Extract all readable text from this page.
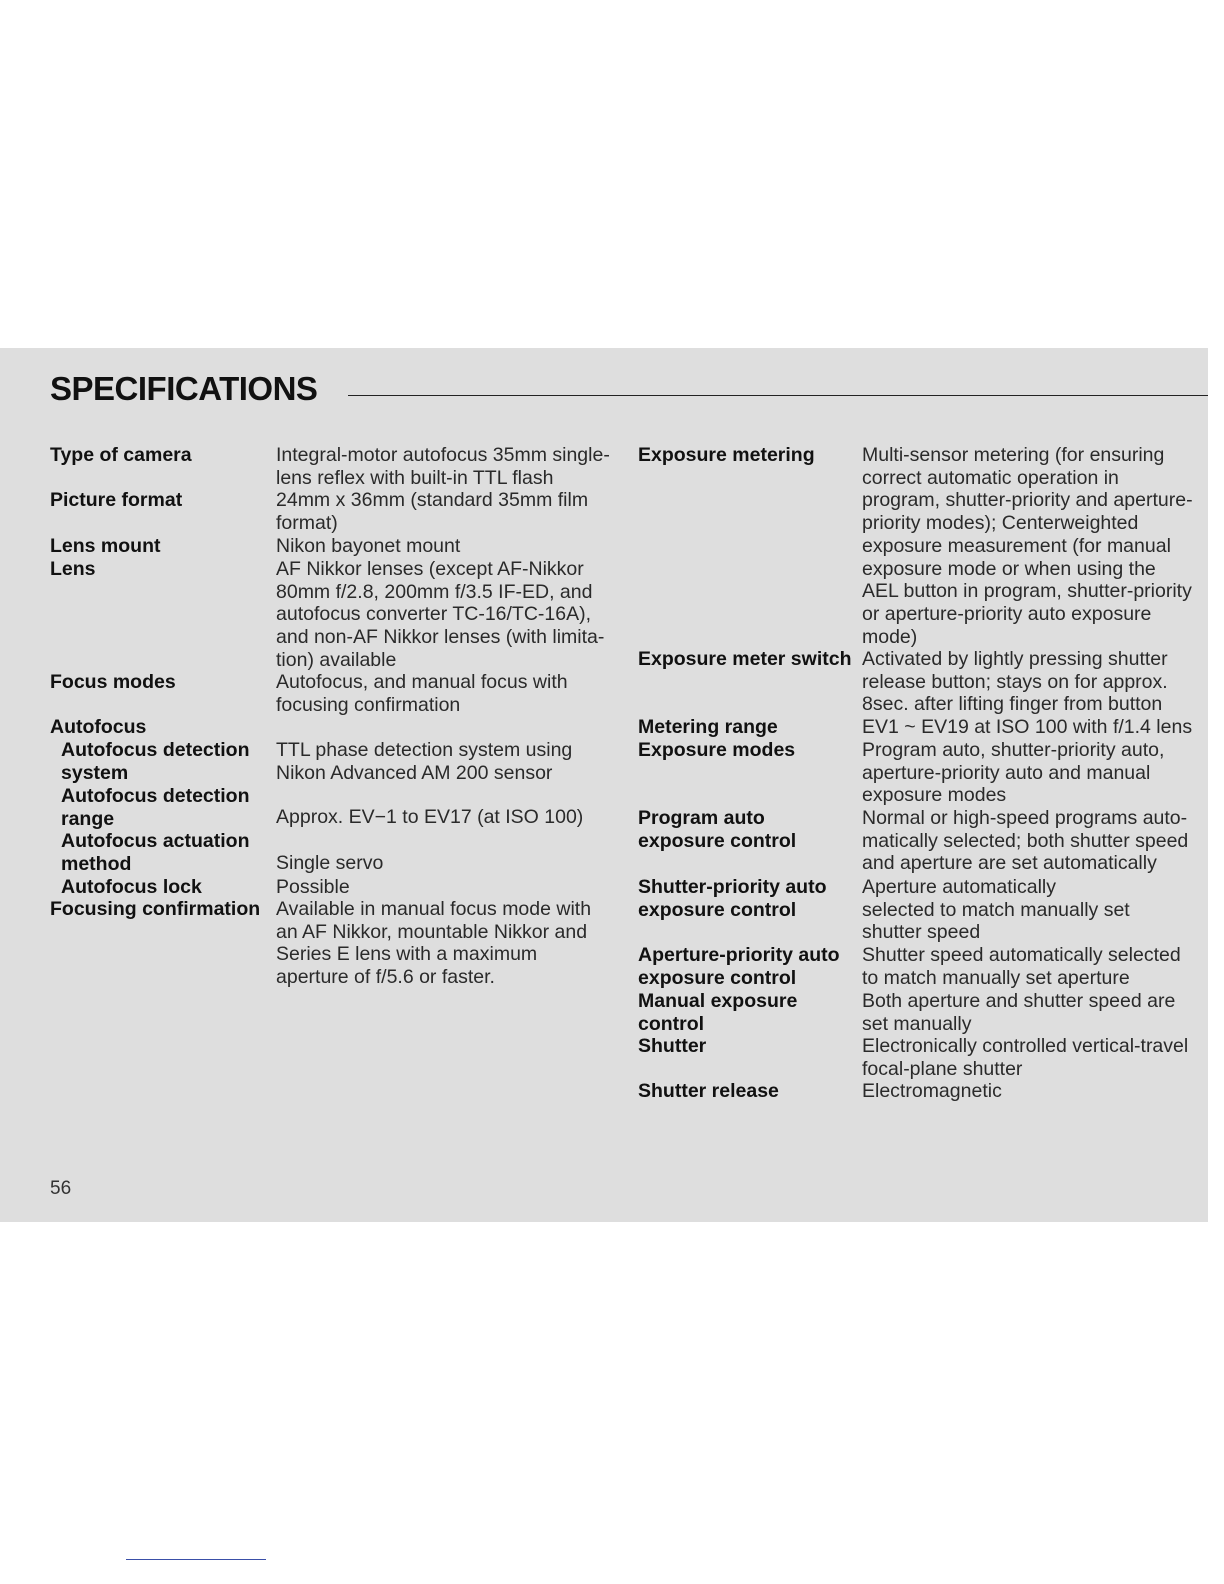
SPECIFICATIONS
Type of camera
Picture format
Lens mount
Lens
Focus modes
Autofocus
Autofocus detection
system
Autofocus detection
range
Autofocus actuation
method
Autofocus lock
Focusing confirmation
Integral-motor autofocus 35mm single-
lens reflex with built-in TTL flash
24mm x 36mm (standard 35mm film
format)
Nikon bayonet mount
AF Nikkor lenses (except AF-Nikkor
80mm f/2.8, 200mm f/3.5 IF-ED, and
autofocus converter TC-16/TC-16A),
and non-AF Nikkor lenses (with limita-
tion) available
Autofocus, and manual focus with
focusing confirmation
TTL phase detection system using
Nikon Advanced AM 200 sensor
Approx. EV−1 to EV17 (at ISO 100)
Single servo
Possible
Available in manual focus mode with
an AF Nikkor, mountable Nikkor and
Series E lens with a maximum
aperture of f/5.6 or faster.
Exposure metering
Exposure meter switch
Metering range
Exposure modes
Program auto
exposure control
Shutter-priority auto
exposure control
Aperture-priority auto
exposure control
Manual exposure
control
Shutter
Shutter release
Multi-sensor metering (for ensuring
correct automatic operation in
program, shutter-priority and aperture-
priority modes); Centerweighted
exposure measurement (for manual
exposure mode or when using the
AEL button in program, shutter-priority
or aperture-priority auto exposure
mode)
Activated by lightly pressing shutter
release button; stays on for approx.
8sec. after lifting finger from button
EV1 ~ EV19 at ISO 100 with f/1.4 lens
Program auto, shutter-priority auto,
aperture-priority auto and manual
exposure modes
Normal or high-speed programs auto-
matically selected; both shutter speed
and aperture are set automatically
Aperture automatically
selected to match manually set
shutter speed
Shutter speed automatically selected
to match manually set aperture
Both aperture and shutter speed are
set manually
Electronically controlled vertical-travel
focal-plane shutter
Electromagnetic
56
